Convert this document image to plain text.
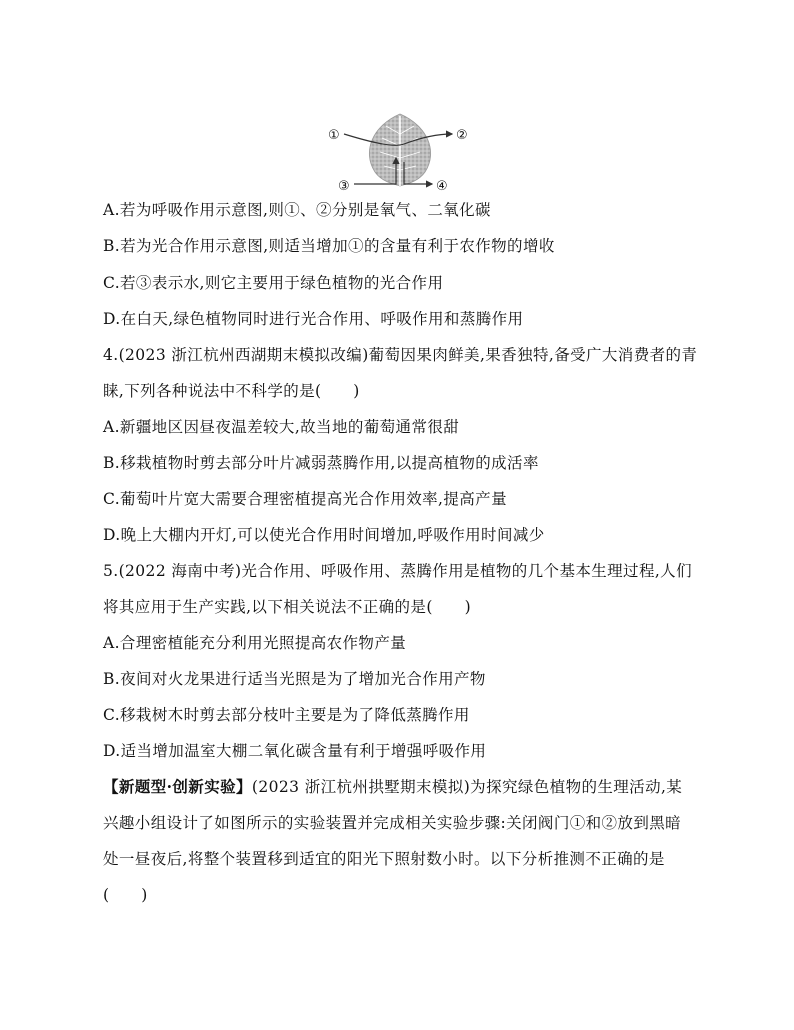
①	②
③	④
A.若为呼吸作用示意图,则①、②分别是氧气、二氧化碳
B.若为光合作用示意图,则适当增加①的含量有利于农作物的增收
C.若③表示水,则它主要用于绿色植物的光合作用
D.在白天,绿色植物同时进行光合作用、呼吸作用和蒸腾作用
4.(2023 浙江杭州西湖期末模拟改编)葡萄因果肉鲜美,果香独特,备受广大消费者的青
睐,下列各种说法中不科学的是(　　)
A.新疆地区因昼夜温差较大,故当地的葡萄通常很甜
B.移栽植物时剪去部分叶片减弱蒸腾作用,以提高植物的成活率
C.葡萄叶片宽大需要合理密植提高光合作用效率,提高产量
D.晚上大棚内开灯,可以使光合作用时间增加,呼吸作用时间减少
5.(2022 海南中考)光合作用、呼吸作用、蒸腾作用是植物的几个基本生理过程,人们
将其应用于生产实践,以下相关说法不正确的是(　　)
A.合理密植能充分利用光照提高农作物产量
B.夜间对火龙果进行适当光照是为了增加光合作用产物
C.移栽树木时剪去部分枝叶主要是为了降低蒸腾作用
D.适当增加温室大棚二氧化碳含量有利于增强呼吸作用
【新题型·创新实验】(2023 浙江杭州拱墅期末模拟)为探究绿色植物的生理活动,某
兴趣小组设计了如图所示的实验装置并完成相关实验步骤:关闭阀门①和②放到黑暗
处一昼夜后,将整个装置移到适宜的阳光下照射数小时。以下分析推测不正确的是
(　　)
